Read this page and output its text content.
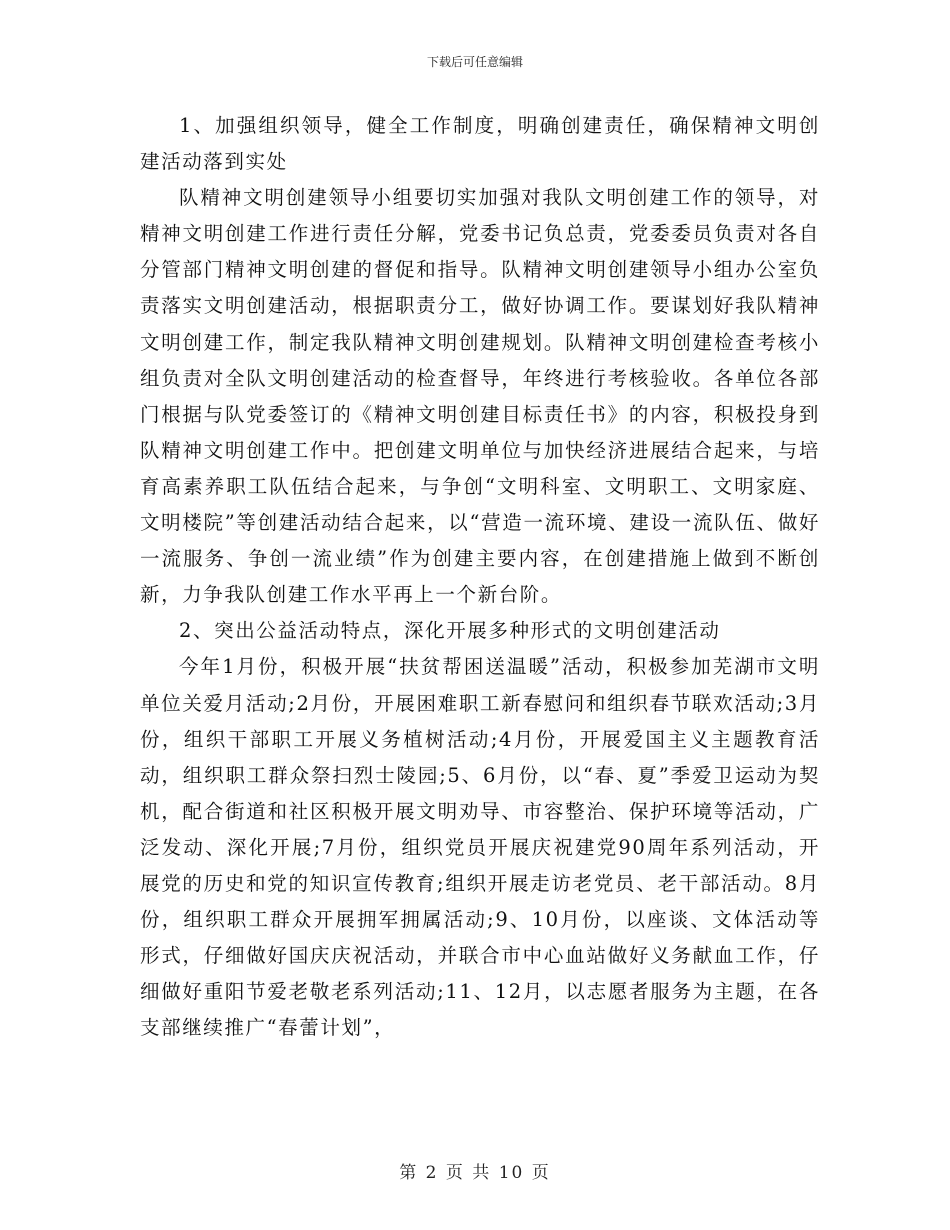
下载后可任意编辑

1、加强组织领导，健全工作制度，明确创建责任，确保精神文明创建活动落到实处

队精神文明创建领导小组要切实加强对我队文明创建工作的领导，对精神文明创建工作进行责任分解，党委书记负总责，党委委员负责对各自分管部门精神文明创建的督促和指导。队精神文明创建领导小组办公室负责落实文明创建活动，根据职责分工，做好协调工作。要谋划好我队精神文明创建工作，制定我队精神文明创建规划。队精神文明创建检查考核小组负责对全队文明创建活动的检查督导，年终进行考核验收。各单位各部门根据与队党委签订的《精神文明创建目标责任书》的内容，积极投身到队精神文明创建工作中。把创建文明单位与加快经济进展结合起来，与培育高素养职工队伍结合起来，与争创“文明科室、文明职工、文明家庭、文明楼院”等创建活动结合起来，以“营造一流环境、建设一流队伍、做好一流服务、争创一流业绩”作为创建主要内容，在创建措施上做到不断创新，力争我队创建工作水平再上一个新台阶。

2、突出公益活动特点，深化开展多种形式的文明创建活动

今年1月份，积极开展“扶贫帮困送温暖”活动，积极参加芜湖市文明单位关爱月活动;2月份，开展困难职工新春慰问和组织春节联欢活动;3月份，组织干部职工开展义务植树活动;4月份，开展爱国主义主题教育活动，组织职工群众祭扫烈士陵园;5、6月份，以“春、夏”季爱卫运动为契机，配合街道和社区积极开展文明劝导、市容整治、保护环境等活动，广泛发动、深化开展;7月份，组织党员开展庆祝建党90周年系列活动，开展党的历史和党的知识宣传教育;组织开展走访老党员、老干部活动。8月份，组织职工群众开展拥军拥属活动;9、10月份，以座谈、文体活动等形式，仔细做好国庆庆祝活动，并联合市中心血站做好义务献血工作，仔细做好重阳节爱老敬老系列活动;11、12月，以志愿者服务为主题，在各支部继续推广“春蕾计划”，

第 2 页 共 10 页
